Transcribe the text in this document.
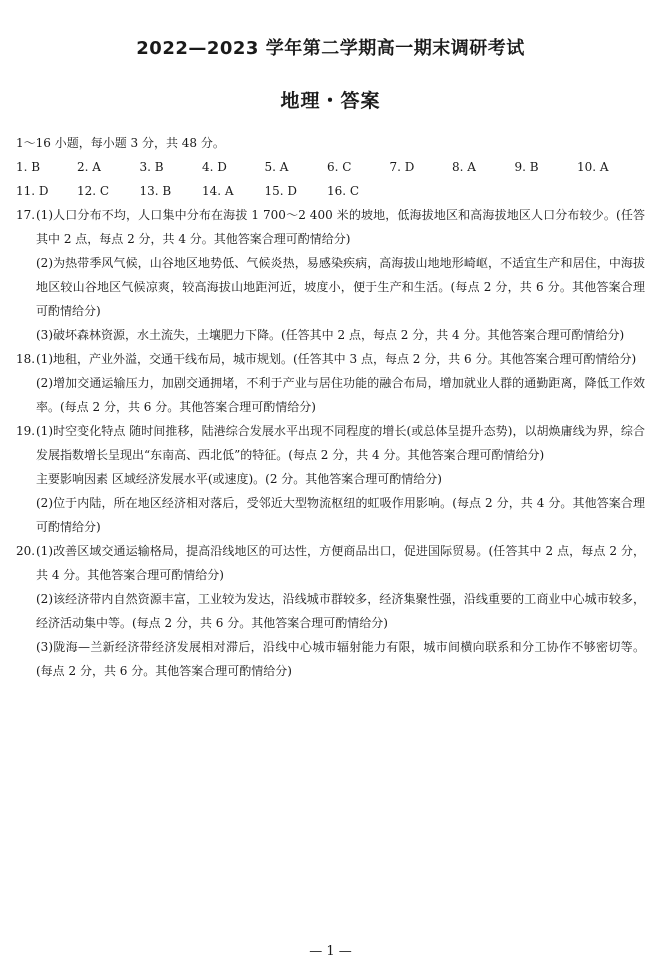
2022—2023 学年第二学期高一期末调研考试
地理・答案
1～16 小题，每小题 3 分，共 48 分。
1. B	2. A	3. B	4. D	5. A	6. C	7. D	8. A	9. B	10. A
11. D	12. C	13. B	14. A	15. D	16. C
17. (1)人口分布不均，人口集中分布在海拔 1 700～2 400 米的坡地，低海拔地区和高海拔地区人口分布较少。(任答其中 2 点，每点 2 分，共 4 分。其他答案合理可酌情给分)

(2)为热带季风气候，山谷地区地势低、气候炎热，易感染疾病，高海拔山地地形崎岖，不适宜生产和居住，中海拔地区较山谷地区气候凉爽，较高海拔山地距河近，坡度小，便于生产和生活。(每点 2 分，共 6 分。其他答案合理可酌情给分)

(3)破坏森林资源，水土流失，土壤肥力下降。(任答其中 2 点，每点 2 分，共 4 分。其他答案合理可酌情给分)

18. (1)地租，产业外溢，交通干线布局，城市规划。(任答其中 3 点，每点 2 分，共 6 分。其他答案合理可酌情给分)

(2)增加交通运输压力，加剧交通拥堵，不利于产业与居住功能的融合布局，增加就业人群的通勤距离，降低工作效率。(每点 2 分，共 6 分。其他答案合理可酌情给分)

19. (1)时空变化特点 随时间推移，陆港综合发展水平出现不同程度的增长(或总体呈提升态势)，以胡焕庸线为界，综合发展指数增长呈现出“东南高、西北低”的特征。(每点 2 分，共 4 分。其他答案合理可酌情给分)

主要影响因素 区域经济发展水平(或速度)。(2 分。其他答案合理可酌情给分)

(2)位于内陆，所在地区经济相对落后，受邻近大型物流枢纽的虹吸作用影响。(每点 2 分，共 4 分。其他答案合理可酌情给分)

20. (1)改善区域交通运输格局，提高沿线地区的可达性，方便商品出口，促进国际贸易。(任答其中 2 点，每点 2 分，共 4 分。其他答案合理可酌情给分)

(2)该经济带内自然资源丰富，工业较为发达，沿线城市群较多，经济集聚性强，沿线重要的工商业中心城市较多，经济活动集中等。(每点 2 分，共 6 分。其他答案合理可酌情给分)

(3)陇海—兰新经济带经济发展相对滞后，沿线中心城市辐射能力有限，城市间横向联系和分工协作不够密切等。(每点 2 分，共 6 分。其他答案合理可酌情给分)

— 1 —
